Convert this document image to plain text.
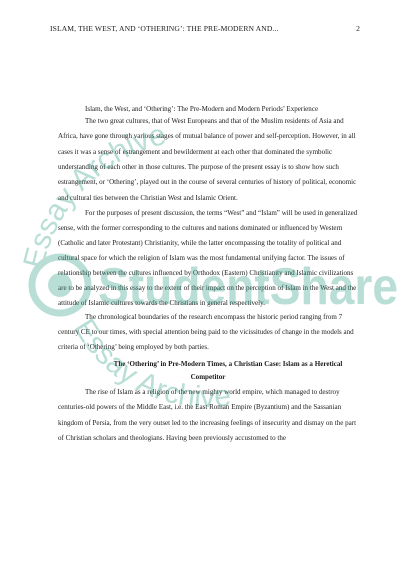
ISLAM, THE WEST, AND ‘OTHERING’: THE PRE-MODERN AND...	2

Islam, the West, and ‘Othering’: The Pre-Modern and Modern Periods’ Experience

The two great cultures, that of West Europeans and that of the Muslim residents of Asia and Africa, have gone through various stages of mutual balance of power and self-perception. However, in all cases it was a sense of estrangement and bewilderment at each other that dominated the symbolic understanding of each other in those cultures. The purpose of the present essay is to show how such estrangement, or ‘Othering’, played out in the course of several centuries of history of political, economic and cultural ties between the Christian West and Islamic Orient.

For the purposes of present discussion, the terms “West” and “Islam” will be used in generalized sense, with the former corresponding to the cultures and nations dominated or influenced by Western (Catholic and later Protestant) Christianity, while the latter encompassing the totality of political and cultural space for which the religion of Islam was the most fundamental unifying factor. The issues of relationship between the cultures influenced by Orthodox (Eastern) Christianity and Islamic civilizations are to be analyzed in this essay to the extent of their impact on the perception of Islam in the West and the attitude of Islamic cultures towards the Christians in general respectively.

The chronological boundaries of the research encompass the historic period ranging from 7 century CE to our times, with special attention being paid to the vicissitudes of change in the models and criteria of ‘Othering’ being employed by both parties.

The ‘Othering’ in Pre-Modern Times, a Christian Case: Islam as a Heretical

Competitor

The rise of Islam as a religion of the new mighty world empire, which managed to destroy centuries-old powers of the Middle East, i.e. the East Roman Empire (Byzantium) and the Sassanian kingdom of Persia, from the very outset led to the increasing feelings of insecurity and dismay on the part of Christian scholars and theologians. Having been previously accustomed to the

StudentShare
Essay Archive
Essay Archive
